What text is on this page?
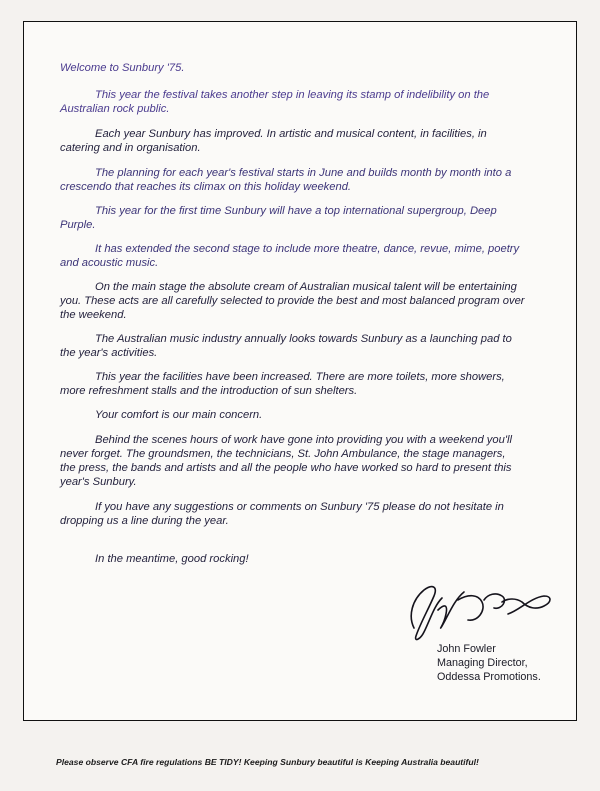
Welcome to Sunbury '75.

This year the festival takes another step in leaving its stamp of indelibility on the

Australian rock public.

Each year Sunbury has improved. In artistic and musical content, in facilities, in

catering and in organisation.

The planning for each year's festival starts in June and builds month by month into a

crescendo that reaches its climax on this holiday weekend.

This year for the first time Sunbury will have a top international supergroup, Deep

Purple.

It has extended the second stage to include more theatre, dance, revue, mime, poetry

and acoustic music.

On the main stage the absolute cream of Australian musical talent will be entertaining

you. These acts are all carefully selected to provide the best and most balanced program over

the weekend.

The Australian music industry annually looks towards Sunbury as a launching pad to

the year's activities.

This year the facilities have been increased. There are more toilets, more showers,

more refreshment stalls and the introduction of sun shelters.

Your comfort is our main concern.

Behind the scenes hours of work have gone into providing you with a weekend you'll

never forget. The groundsmen, the technicians, St. John Ambulance, the stage managers,

the press, the bands and artists and all the people who have worked so hard to present this

year's Sunbury.

If you have any suggestions or comments on Sunbury '75 please do not hesitate in

dropping us a line during the year.

In the meantime, good rocking!

John Fowler

Managing Director,

Oddessa Promotions.

Please observe CFA fire regulations BE TIDY! Keeping Sunbury beautiful is Keeping Australia beautiful!
